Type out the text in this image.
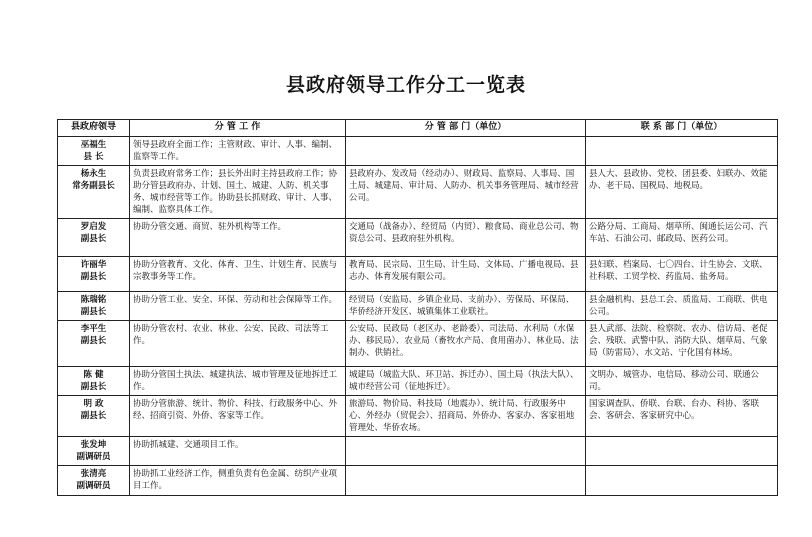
县政府领导工作分工一览表
县政府领导	分 管 工 作	分 管 部 门（单位）	联 系 部 门（单位）

巫福生
县 长	领导县政府全面工作；主管财政、审计、人事、编制、监察等工作。		

杨永生
常务副县长	负责县政府常务工作；县长外出时主持县政府工作；协助分管县政府办、计划、国土、城建、人防、机关事务、城市经营等工作。协助县长抓财政、审计、人事、编制、监察具体工作。	县政府办、发改局（经动办）、财政局、监察局、人事局、国土局、城建局、审计局、人防办、机关事务管理局、城市经营公司。	县人大、县政协、党校、团县委、妇联办、效能办、老干局、国税局、地税局。

罗启发
副县长	协助分管交通、商贸、驻外机构等工作。	交通局（战备办）、经贸局（内贸）、粮食局、商业总公司、物资总公司、县政府驻外机构。	公路分局、工商局、烟草所、闽通长运公司、汽车站、石油公司、邮政局、医药公司。

许丽华
副县长	协助分管教育、文化、体育、卫生、计划生育、民族与宗教事务等工作。	教育局、民宗局、卫生局、计生局、文体局、广播电视局、县志办、体育发展有限公司。	县妇联、档案局、七〇四台、计生协会、文联、社科联、工贸学校、药监局、盐务局。

陈瑞铭
副县长	协助分管工业、安全、环保、劳动和社会保障等工作。	经贸局（安监局、乡镇企业局、支前办）、劳保局、环保局、华侨经济开发区、城镇集体工业联社。	县金融机构、县总工会、质监局、工商联、供电公司。

李平生
副县长	协助分管农村、农业、林业、公安、民政、司法等工作。	公安局、民政局（老区办、老龄委）、司法局、水利局（水保办、移民局）、农业局（畜牧水产局、食用菌办）、林业局、法制办、供销社。	县人武部、法院、检察院、农办、信访局、老促会、残联、武警中队、消防大队、烟草局、气象局（防雷局）、水文站、宁化国有林场。

陈 健
副县长	协助分管国土执法、城建执法、城市管理及征地拆迁工作。	城建局（城监大队、环卫站、拆迁办）、国土局（执法大队）、城市经营公司（征地拆迁）。	文明办、城管办、电信局、移动公司、联通公司。

明 政
副县长	协助分管旅游、统计、物价、科技、行政服务中心、外经、招商引资、外侨、客家等工作。	旅游局、物价局、科技局（地震办）、统计局、行政服务中心、外经办（贸促会）、招商局、外侨办、客家办、客家祖地管理处、华侨农场。	国家调查队、侨联、台联、台办、科协、客联会、客研会、客家研究中心。

张发坤
副调研员	协助抓城建、交通项目工作。		

张清亮
副调研员	协助抓工业经济工作，侧重负责有色金属、纺织产业项目工作。		
